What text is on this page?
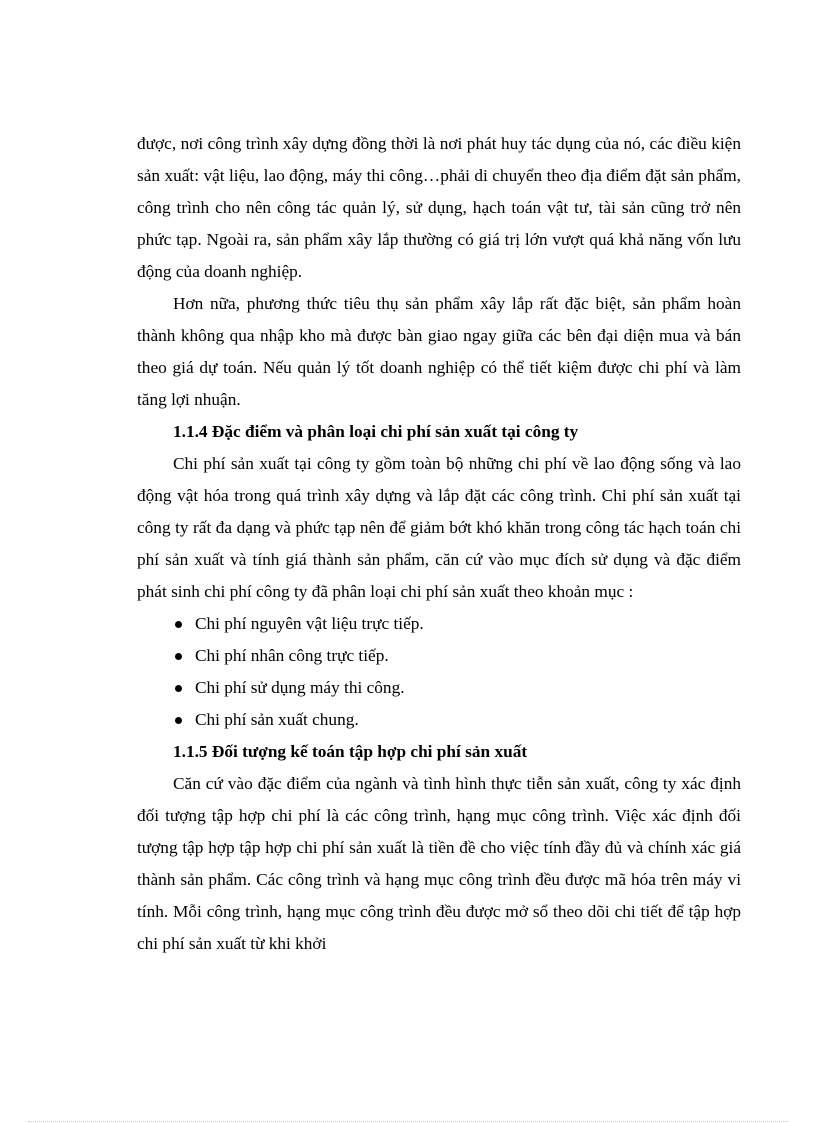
được, nơi công trình xây dựng đồng thời là nơi phát huy tác dụng của nó, các điều kiện sản xuất: vật liệu, lao động, máy thi công…phải di chuyển theo địa điểm đặt sản phẩm, công trình cho nên công tác quản lý, sử dụng, hạch toán vật tư, tài sản cũng trở nên phức tạp. Ngoài ra, sản phẩm xây lắp thường có giá trị lớn vượt quá khả năng vốn lưu động của doanh nghiệp.

Hơn nữa, phương thức tiêu thụ sản phẩm xây lắp rất đặc biệt, sản phẩm hoàn thành không qua nhập kho mà được bàn giao ngay giữa các bên đại diện mua và bán theo giá dự toán. Nếu quản lý tốt doanh nghiệp có thể tiết kiệm được chi phí và làm tăng lợi nhuận.

1.1.4 Đặc điểm và phân loại chi phí sản xuất tại công ty

Chi phí sản xuất tại công ty gồm toàn bộ những chi phí về lao động sống và lao động vật hóa trong quá trình xây dựng và lắp đặt các công trình. Chi phí sản xuất tại công ty rất đa dạng và phức tạp nên để giảm bớt khó khăn trong công tác hạch toán chi phí sản xuất và tính giá thành sản phẩm, căn cứ vào mục đích sử dụng và đặc điểm phát sinh chi phí công ty đã phân loại chi phí sản xuất theo khoản mục :

Chi phí nguyên vật liệu trực tiếp.
Chi phí nhân công trực tiếp.
Chi phí sử dụng máy thi công.
Chi phí sản xuất chung.

1.1.5 Đối tượng kế toán tập hợp chi phí sản xuất

Căn cứ vào đặc điểm của ngành và tình hình thực tiễn sản xuất, công ty xác định đối tượng tập hợp chi phí là các công trình, hạng mục công trình. Việc xác định đối tượng tập hợp tập hợp chi phí sản xuất là tiền đề cho việc tính đầy đủ và chính xác giá thành sản phẩm. Các công trình và hạng mục công trình đều được mã hóa trên máy vi tính. Mỗi công trình, hạng mục công trình đều được mở sổ theo dõi chi tiết để tập hợp chi phí sản xuất từ khi khởi
